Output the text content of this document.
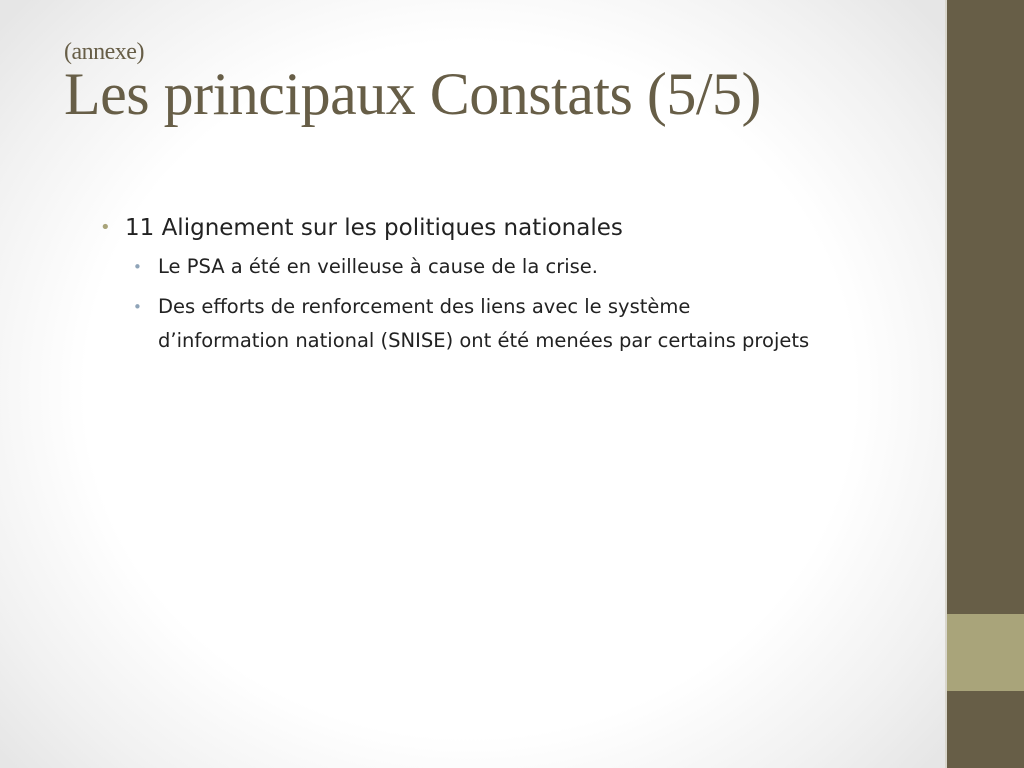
(annexe)
Les principaux Constats (5/5)

• 11 Alignement sur les politiques nationales

• Le PSA a été en veilleuse à cause de la crise.

• Des efforts de renforcement des liens avec le système
d’information national (SNISE) ont été menées par certains projets
